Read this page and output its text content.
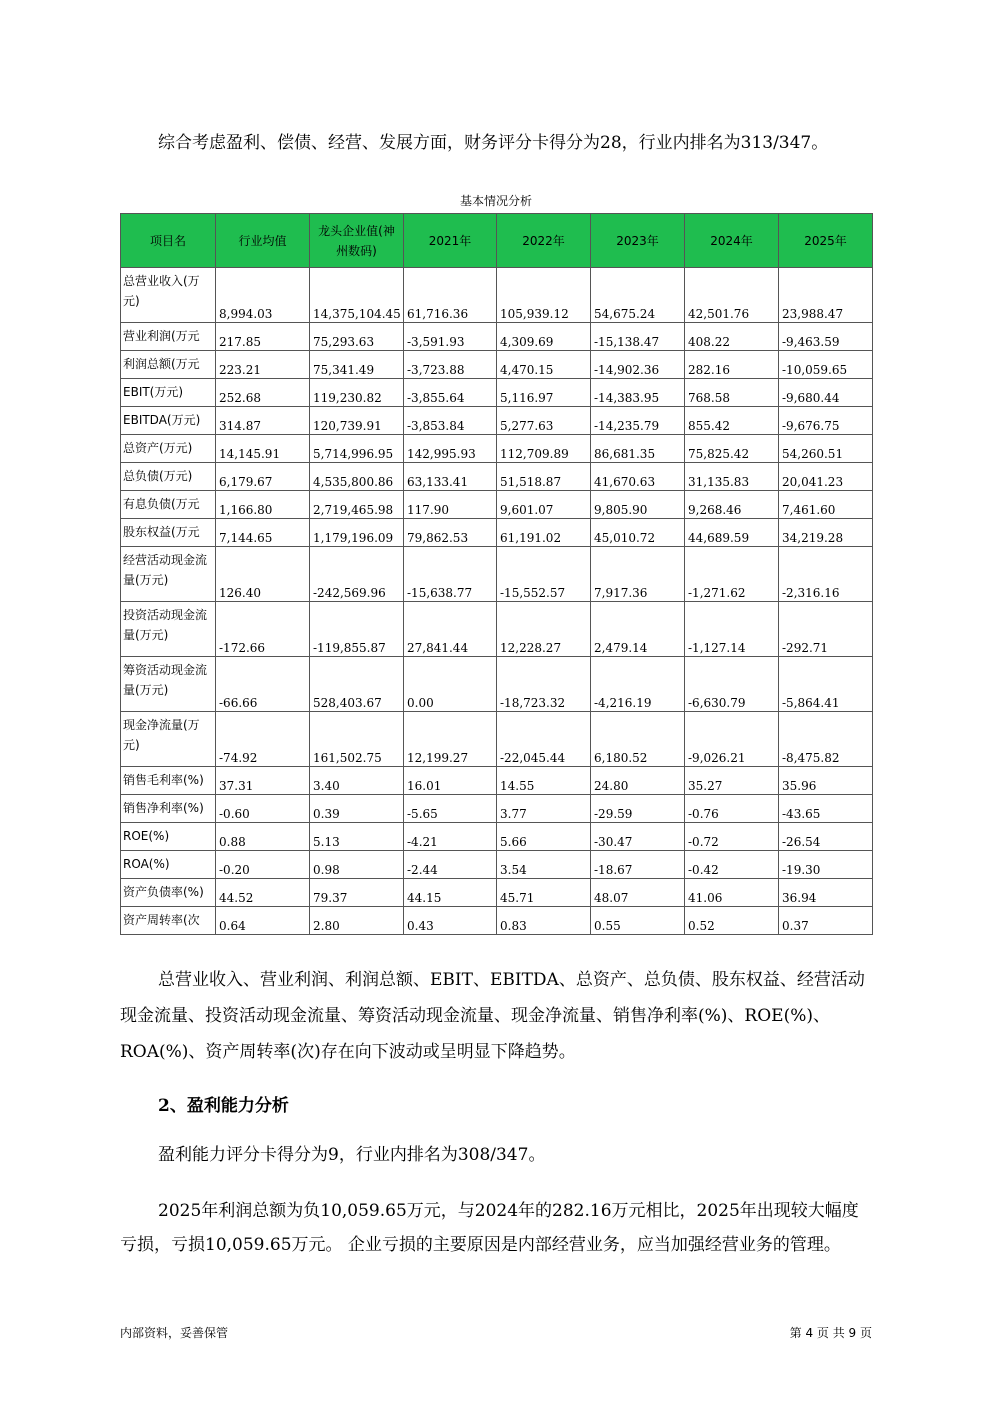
综合考虑盈利、偿债、经营、发展方面，财务评分卡得分为28，行业内排名为313/347。

基本情况分析
项目名	行业均值	龙头企业值(神州数码)	2021年	2022年	2023年	2024年	2025年
总营业收入(万元)	8,994.03	14,375,104.45	61,716.36	105,939.12	54,675.24	42,501.76	23,988.47
营业利润(万元	217.85	75,293.63	-3,591.93	4,309.69	-15,138.47	408.22	-9,463.59
利润总额(万元	223.21	75,341.49	-3,723.88	4,470.15	-14,902.36	282.16	-10,059.65
EBIT(万元)	252.68	119,230.82	-3,855.64	5,116.97	-14,383.95	768.58	-9,680.44
EBITDA(万元)	314.87	120,739.91	-3,853.84	5,277.63	-14,235.79	855.42	-9,676.75
总资产(万元)	14,145.91	5,714,996.95	142,995.93	112,709.89	86,681.35	75,825.42	54,260.51
总负债(万元)	6,179.67	4,535,800.86	63,133.41	51,518.87	41,670.63	31,135.83	20,041.23
有息负债(万元	1,166.80	2,719,465.98	117.90	9,601.07	9,805.90	9,268.46	7,461.60
股东权益(万元	7,144.65	1,179,196.09	79,862.53	61,191.02	45,010.72	44,689.59	34,219.28
经营活动现金流量(万元)	126.40	-242,569.96	-15,638.77	-15,552.57	7,917.36	-1,271.62	-2,316.16
投资活动现金流量(万元)	-172.66	-119,855.87	27,841.44	12,228.27	2,479.14	-1,127.14	-292.71
筹资活动现金流量(万元)	-66.66	528,403.67	0.00	-18,723.32	-4,216.19	-6,630.79	-5,864.41
现金净流量(万元)	-74.92	161,502.75	12,199.27	-22,045.44	6,180.52	-9,026.21	-8,475.82
销售毛利率(%)	37.31	3.40	16.01	14.55	24.80	35.27	35.96
销售净利率(%)	-0.60	0.39	-5.65	3.77	-29.59	-0.76	-43.65
ROE(%)	0.88	5.13	-4.21	5.66	-30.47	-0.72	-26.54
ROA(%)	-0.20	0.98	-2.44	3.54	-18.67	-0.42	-19.30
资产负债率(%)	44.52	79.37	44.15	45.71	48.07	41.06	36.94
资产周转率(次	0.64	2.80	0.43	0.83	0.55	0.52	0.37

总营业收入、营业利润、利润总额、EBIT、EBITDA、总资产、总负债、股东权益、经营活动现金流量、投资活动现金流量、筹资活动现金流量、现金净流量、销售净利率(%)、ROE(%)、ROA(%)、资产周转率(次)存在向下波动或呈明显下降趋势。

2、盈利能力分析

盈利能力评分卡得分为9，行业内排名为308/347。

2025年利润总额为负10,059.65万元，与2024年的282.16万元相比，2025年出现较大幅度亏损，亏损10,059.65万元。 企业亏损的主要原因是内部经营业务，应当加强经营业务的管理。

内部资料，妥善保管	第 4 页 共 9 页
